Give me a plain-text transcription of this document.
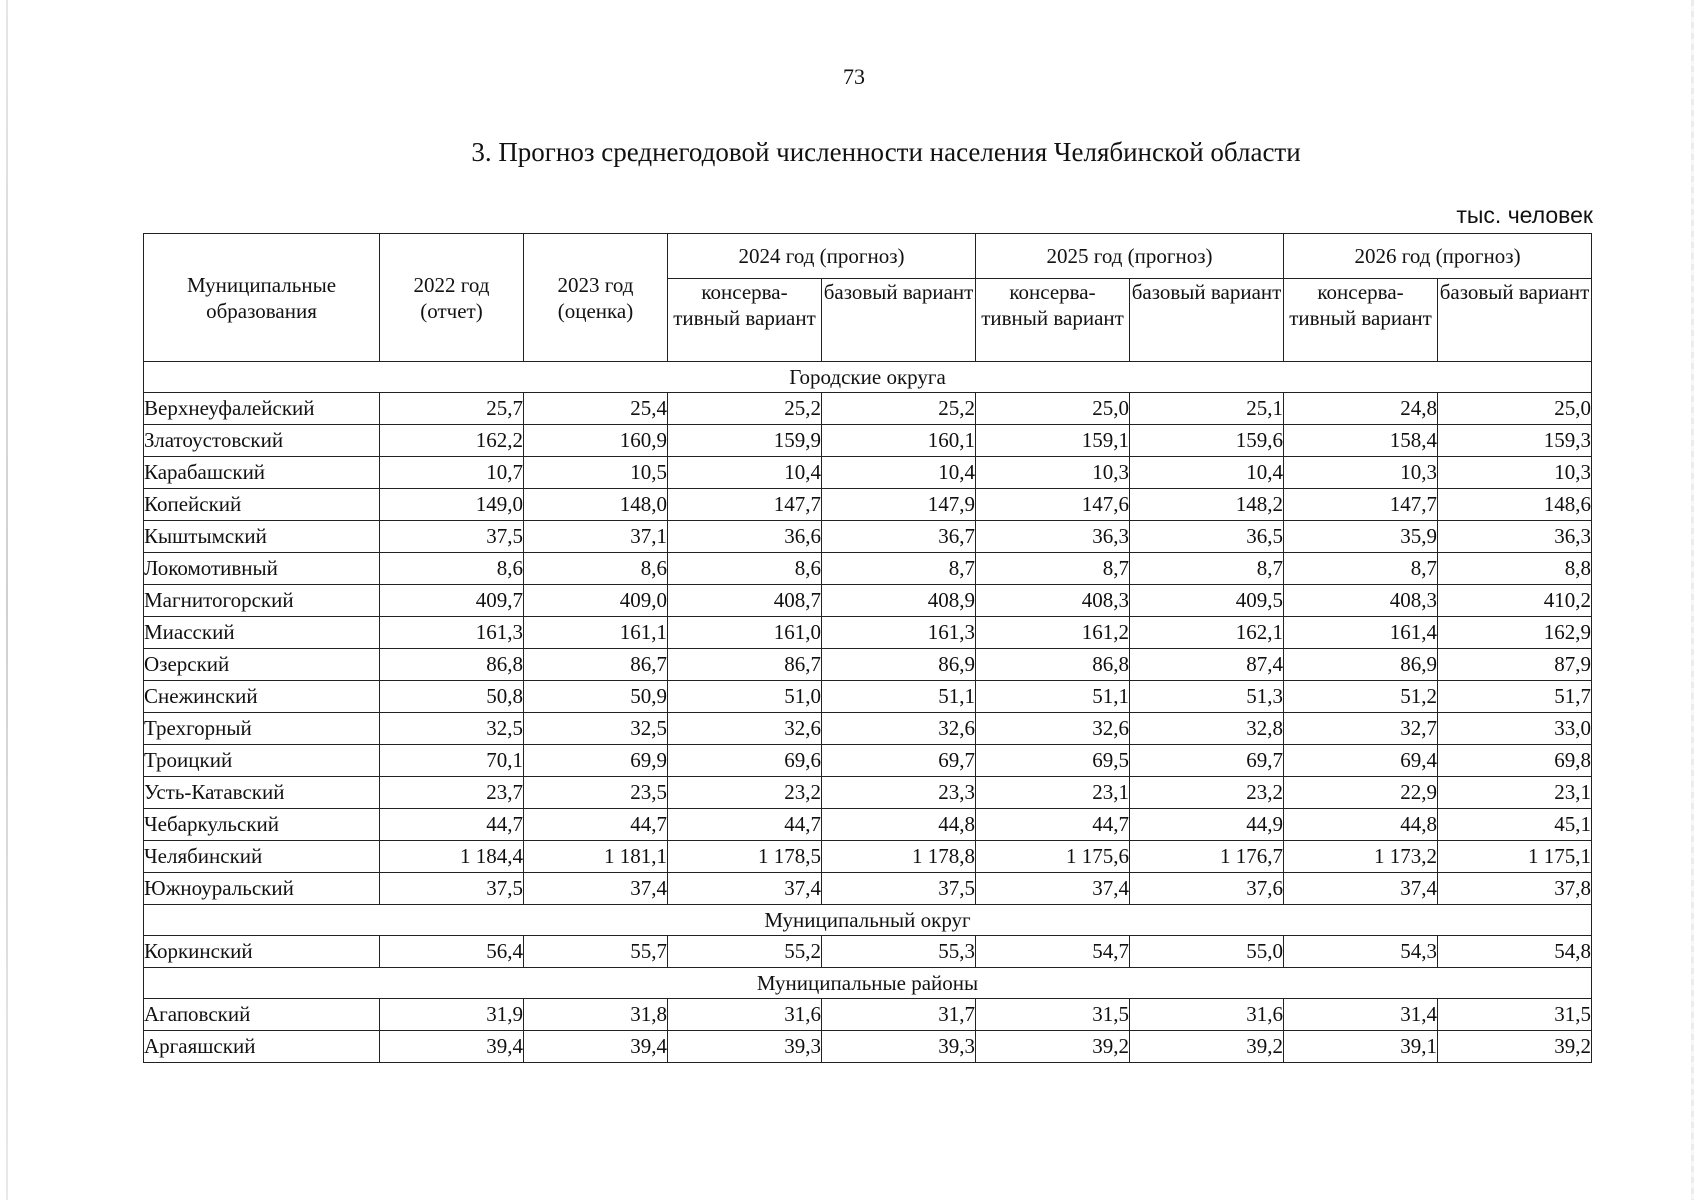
73
3. Прогноз среднегодовой численности населения Челябинской области
тыс. человек
Муниципальные образования	2022 год (отчет)	2023 год (оценка)	2024 год (прогноз)		2025 год (прогноз)		2026 год (прогноз)	
			консерва-тивный вариант	базовый вариант	консерва-тивный вариант	базовый вариант	консерва-тивный вариант	базовый вариант
Городские округа								
Верхнеуфалейский	25,7	25,4	25,2	25,2	25,0	25,1	24,8	25,0
Златоустовский	162,2	160,9	159,9	160,1	159,1	159,6	158,4	159,3
Карабашский	10,7	10,5	10,4	10,4	10,3	10,4	10,3	10,3
Копейский	149,0	148,0	147,7	147,9	147,6	148,2	147,7	148,6
Кыштымский	37,5	37,1	36,6	36,7	36,3	36,5	35,9	36,3
Локомотивный	8,6	8,6	8,6	8,7	8,7	8,7	8,7	8,8
Магнитогорский	409,7	409,0	408,7	408,9	408,3	409,5	408,3	410,2
Миасский	161,3	161,1	161,0	161,3	161,2	162,1	161,4	162,9
Озерский	86,8	86,7	86,7	86,9	86,8	87,4	86,9	87,9
Снежинский	50,8	50,9	51,0	51,1	51,1	51,3	51,2	51,7
Трехгорный	32,5	32,5	32,6	32,6	32,6	32,8	32,7	33,0
Троицкий	70,1	69,9	69,6	69,7	69,5	69,7	69,4	69,8
Усть-Катавский	23,7	23,5	23,2	23,3	23,1	23,2	22,9	23,1
Чебаркульский	44,7	44,7	44,7	44,8	44,7	44,9	44,8	45,1
Челябинский	1 184,4	1 181,1	1 178,5	1 178,8	1 175,6	1 176,7	1 173,2	1 175,1
Южноуральский	37,5	37,4	37,4	37,5	37,4	37,6	37,4	37,8
Муниципальный округ								
Коркинский	56,4	55,7	55,2	55,3	54,7	55,0	54,3	54,8
Муниципальные районы								
Агаповский	31,9	31,8	31,6	31,7	31,5	31,6	31,4	31,5
Аргаяшский	39,4	39,4	39,3	39,3	39,2	39,2	39,1	39,2
